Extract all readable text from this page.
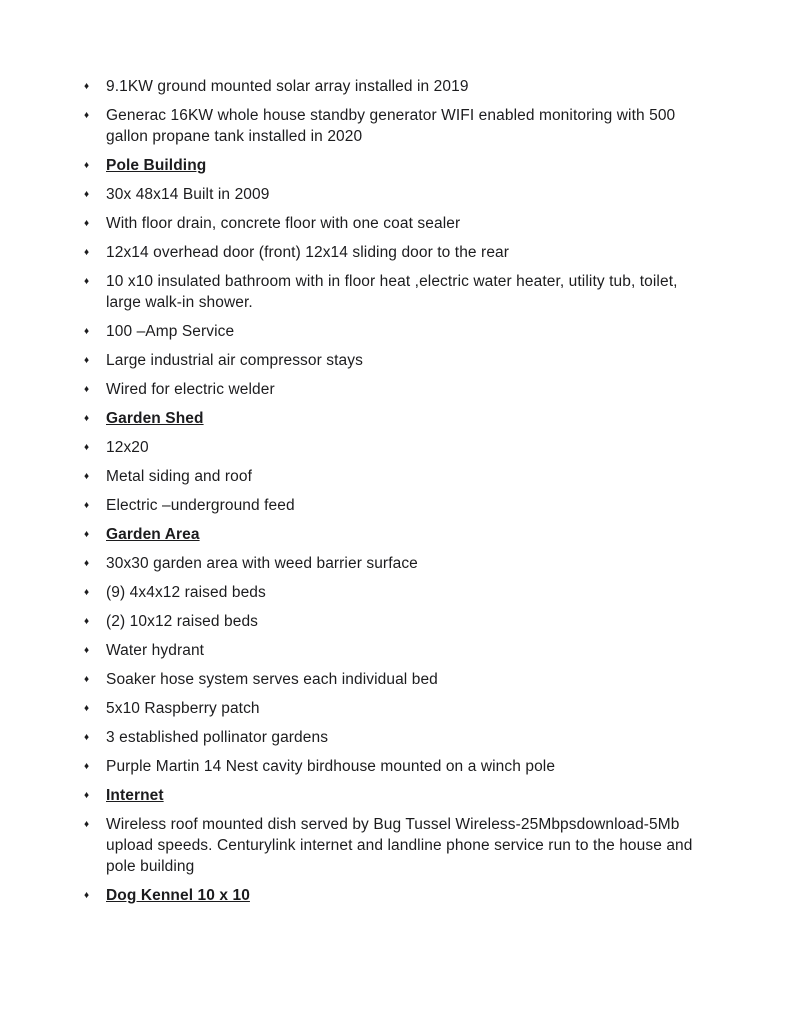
♦	9.1KW ground mounted solar array installed in 2019
♦	Generac 16KW whole house standby generator WIFI enabled monitoring with 500 gallon propane tank installed in 2020
♦	Pole Building
♦	30x 48x14 Built in 2009
♦	With floor drain, concrete floor with one coat sealer
♦	12x14 overhead door (front) 12x14 sliding door to the rear
♦	10 x10 insulated bathroom with in floor heat ,electric water heater, utility tub, toilet, large walk-in shower.
♦	100 –Amp Service
♦	Large industrial air compressor stays
♦	Wired for electric welder
♦	Garden Shed
♦	12x20
♦	Metal siding and roof
♦	Electric –underground feed
♦	Garden Area
♦	30x30 garden area with weed barrier surface
♦	(9) 4x4x12 raised beds
♦	(2) 10x12 raised beds
♦	Water hydrant
♦	Soaker hose system serves each individual bed
♦	5x10 Raspberry patch
♦	3 established pollinator gardens
♦	Purple Martin 14 Nest cavity birdhouse mounted on a winch pole
♦	Internet
♦	Wireless roof mounted dish served by Bug Tussel Wireless-25Mbpsdownload-5Mb upload speeds. Centurylink internet and landline phone service run to the house and pole building
♦	Dog Kennel 10 x 10
